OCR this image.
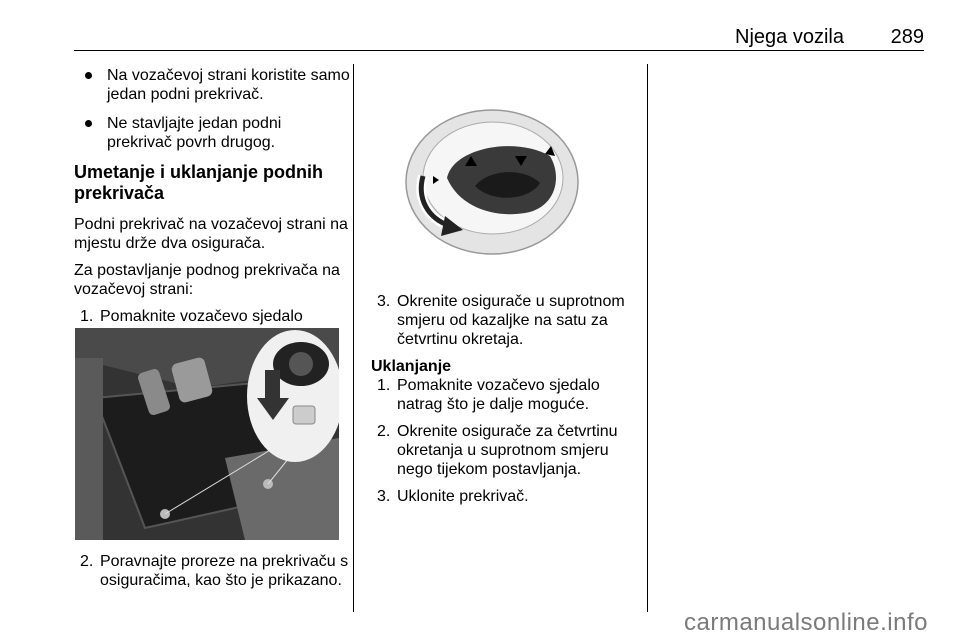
Njega vozila 289
Na vozačevoj strani koristite samo jedan podni prekrivač.
Ne stavljajte jedan podni prekrivač povrh drugog.
Umetanje i uklanjanje podnih prekrivača

Podni prekrivač na vozačevoj strani na mjestu drže dva osigurača.

Za postavljanje podnog prekrivača na vozačevoj strani:

1. Pomaknite vozačevo sjedalo
2. Poravnajte proreze na prekrivaču s osiguračima, kao što je prikazano.
3. Okrenite osigurače u suprotnom smjeru od kazaljke na satu za četvrtinu okretaja.
Uklanjanje
1. Pomaknite vozačevo sjedalo natrag što je dalje moguće.
2. Okrenite osigurače za četvrtinu okretanja u suprotnom smjeru nego tijekom postavljanja.
3. Uklonite prekrivač.
carmanualsonline.info
